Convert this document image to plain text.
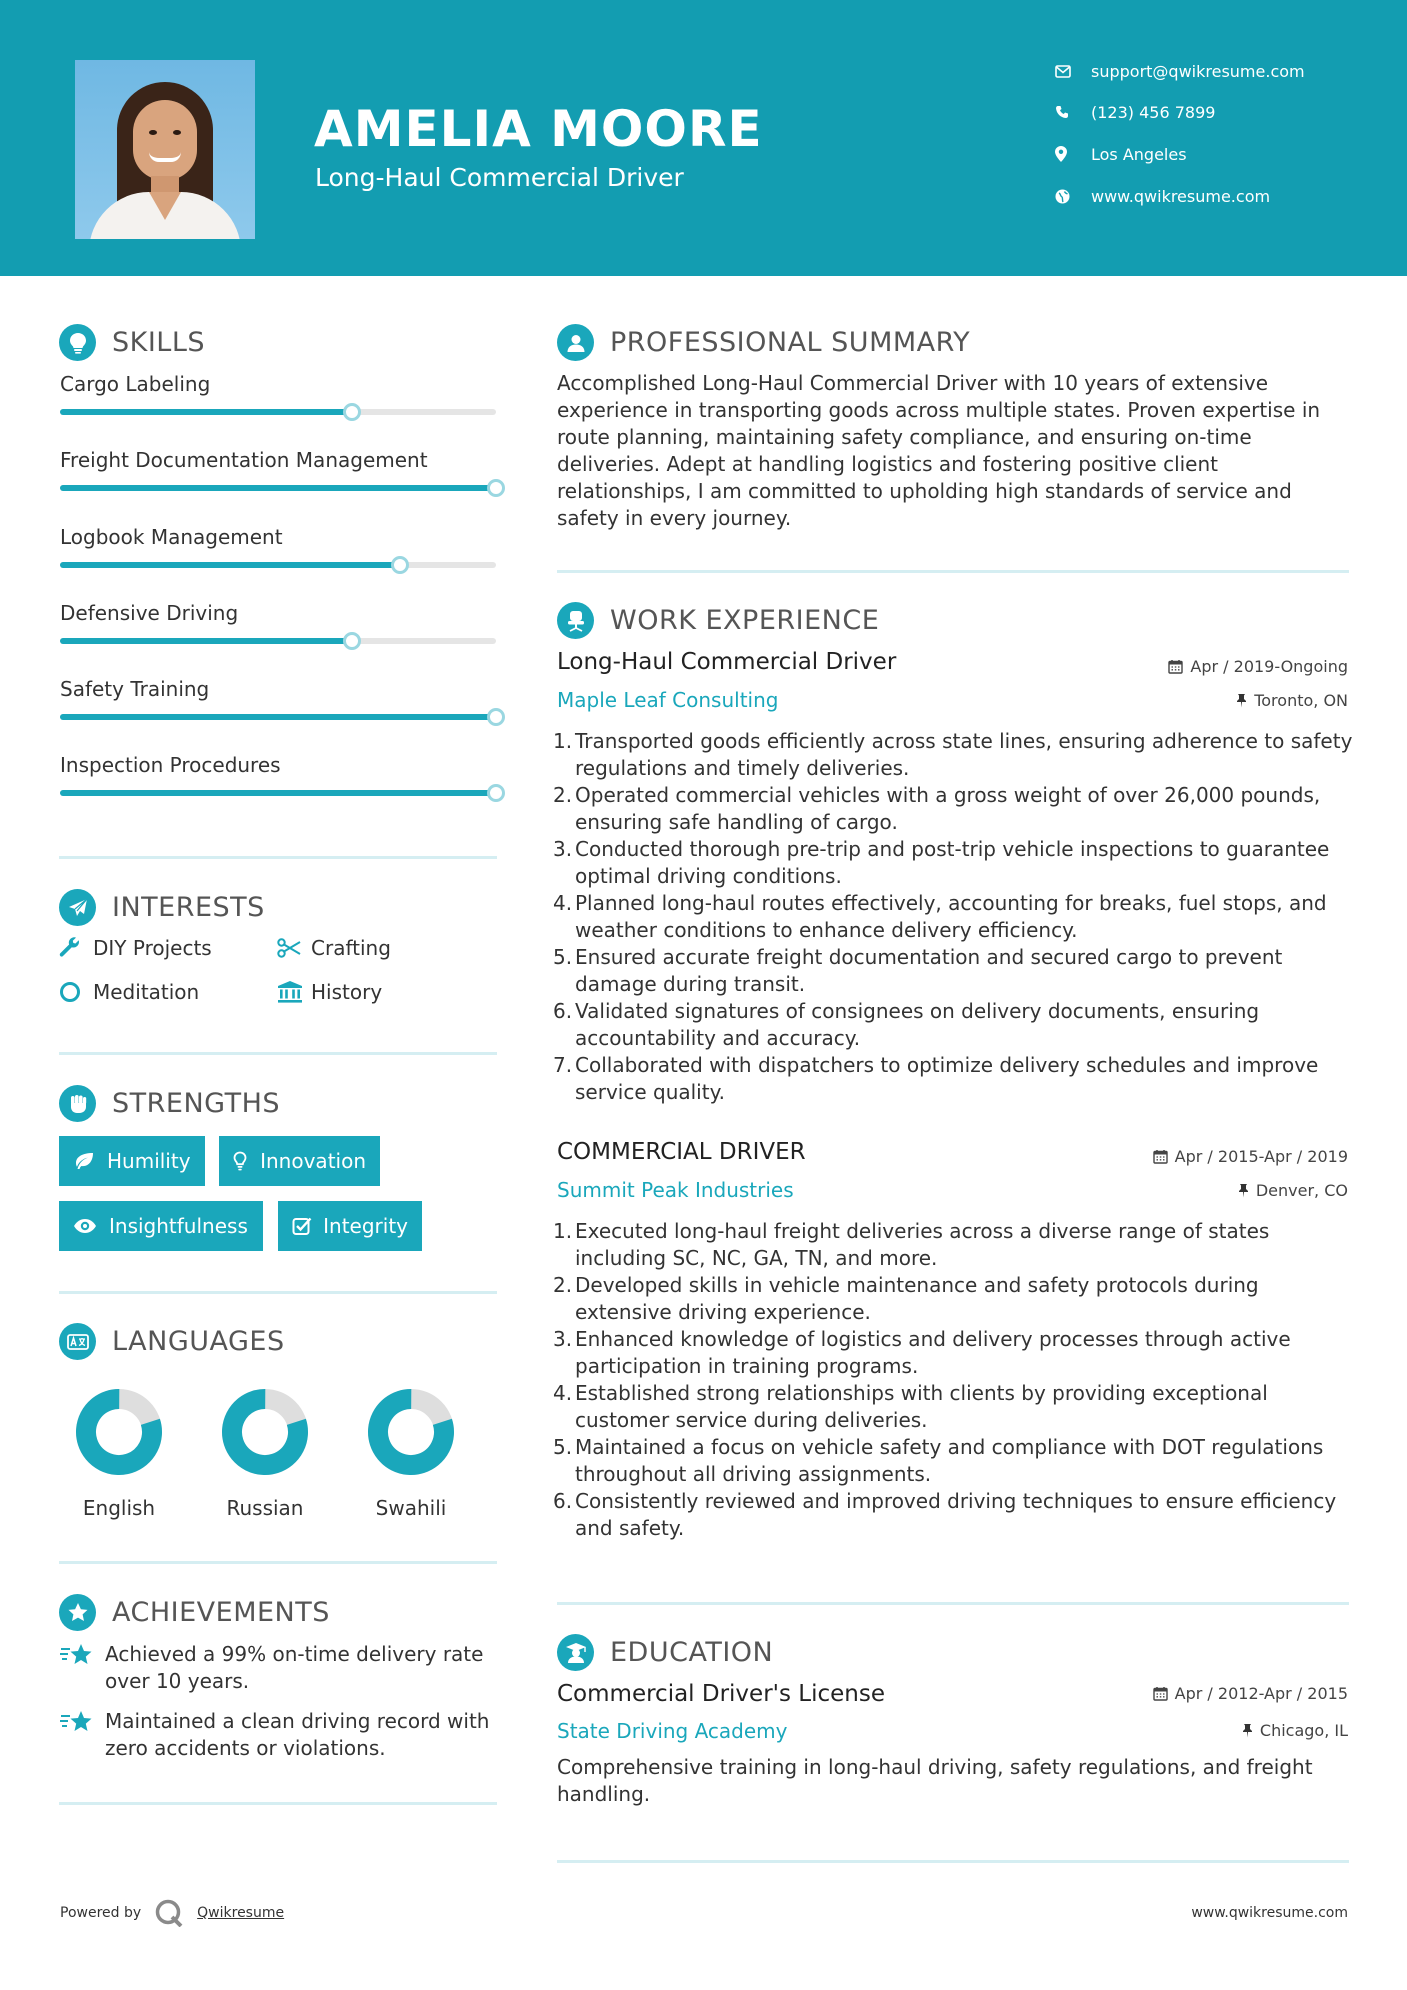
AMELIA MOORE
Long-Haul Commercial Driver
support@qwikresume.com
(123) 456 7899
Los Angeles
www.qwikresume.com
SKILLS
Cargo Labeling
Freight Documentation Management
Logbook Management
Defensive Driving
Safety Training
Inspection Procedures
INTERESTS
DIY Projects	Crafting
Meditation	History
STRENGTHS
Humility	Innovation
Insightfulness	Integrity
LANGUAGES
English	Russian	Swahili
ACHIEVEMENTS
Achieved a 99% on-time delivery rate over 10 years.
Maintained a clean driving record with zero accidents or violations.
PROFESSIONAL SUMMARY
Accomplished Long-Haul Commercial Driver with 10 years of extensive experience in transporting goods across multiple states. Proven expertise in route planning, maintaining safety compliance, and ensuring on-time deliveries. Adept at handling logistics and fostering positive client relationships, I am committed to upholding high standards of service and safety in every journey.
WORK EXPERIENCE
Long-Haul Commercial Driver	Apr / 2019-Ongoing
Maple Leaf Consulting	Toronto, ON
1. Transported goods efficiently across state lines, ensuring adherence to safety regulations and timely deliveries.
2. Operated commercial vehicles with a gross weight of over 26,000 pounds, ensuring safe handling of cargo.
3. Conducted thorough pre-trip and post-trip vehicle inspections to guarantee optimal driving conditions.
4. Planned long-haul routes effectively, accounting for breaks, fuel stops, and weather conditions to enhance delivery efficiency.
5. Ensured accurate freight documentation and secured cargo to prevent damage during transit.
6. Validated signatures of consignees on delivery documents, ensuring accountability and accuracy.
7. Collaborated with dispatchers to optimize delivery schedules and improve service quality.
COMMERCIAL DRIVER	Apr / 2015-Apr / 2019
Summit Peak Industries	Denver, CO
1. Executed long-haul freight deliveries across a diverse range of states including SC, NC, GA, TN, and more.
2. Developed skills in vehicle maintenance and safety protocols during extensive driving experience.
3. Enhanced knowledge of logistics and delivery processes through active participation in training programs.
4. Established strong relationships with clients by providing exceptional customer service during deliveries.
5. Maintained a focus on vehicle safety and compliance with DOT regulations throughout all driving assignments.
6. Consistently reviewed and improved driving techniques to ensure efficiency and safety.
EDUCATION
Commercial Driver's License	Apr / 2012-Apr / 2015
State Driving Academy	Chicago, IL
Comprehensive training in long-haul driving, safety regulations, and freight handling.
Powered by	Qwikresume	www.qwikresume.com
